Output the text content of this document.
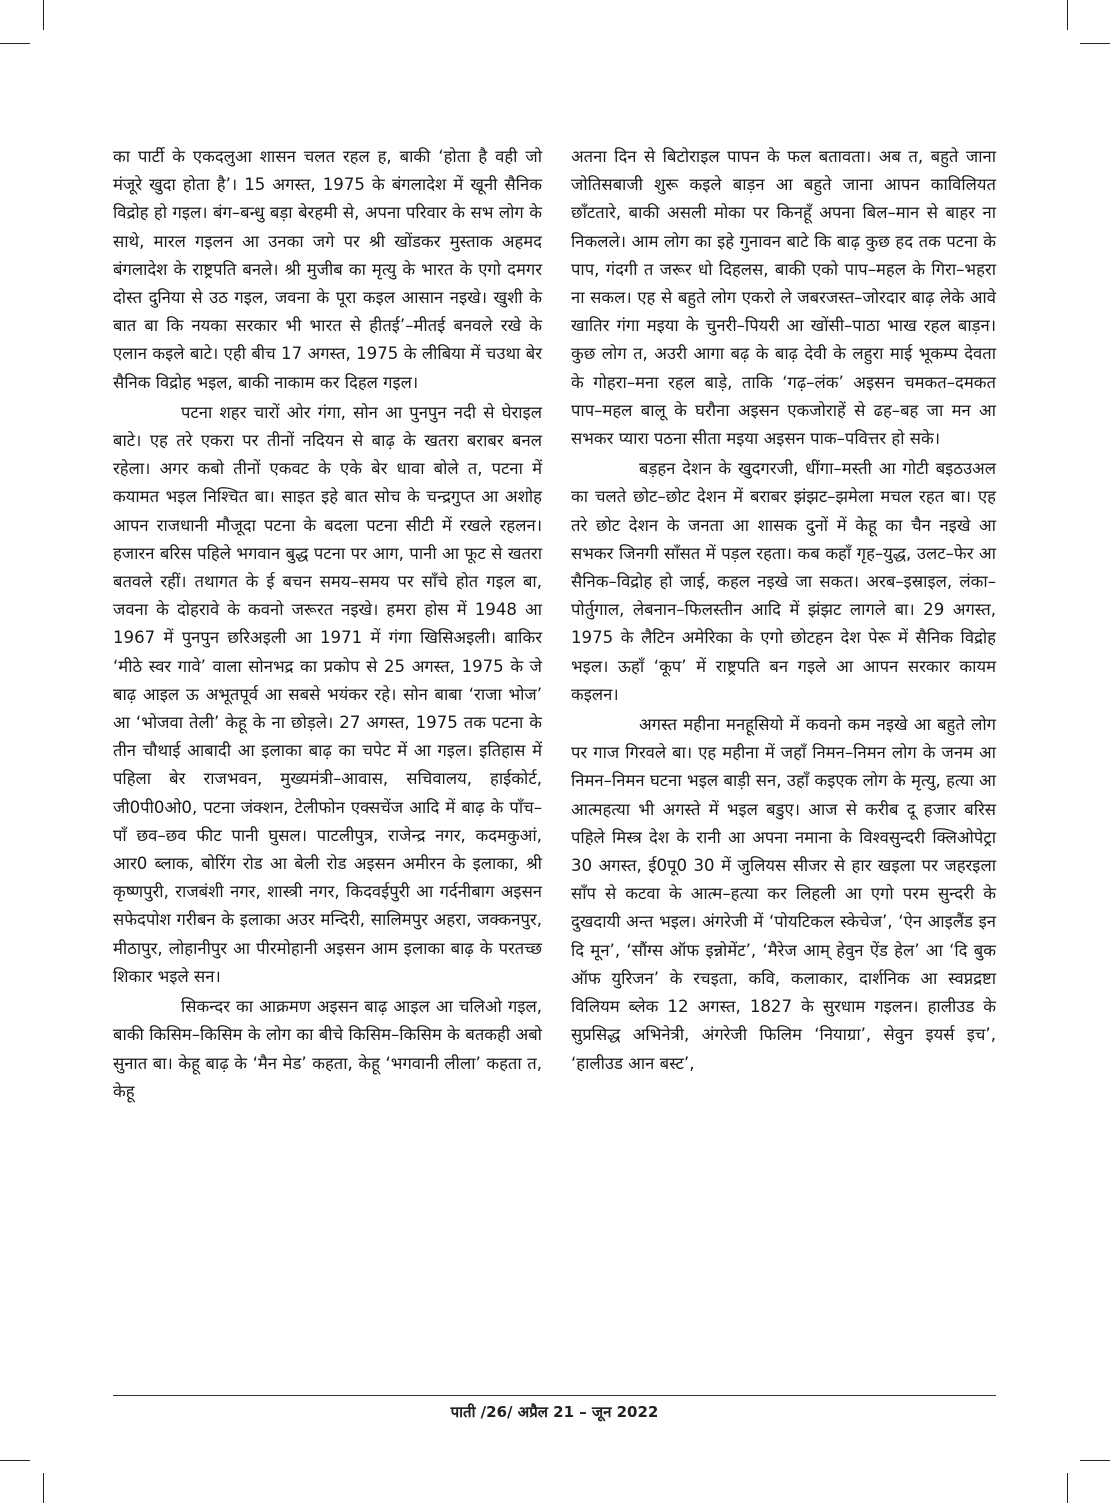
का पार्टी के एकदलुआ शासन चलत रहल ह, बाकी ‘होता है वही जो मंजूरे खुदा होता है’। 15 अगस्त, 1975 के बंगलादेश में खूनी सैनिक विद्रोह हो गइल। बंग–बन्धु बड़ा बेरहमी से, अपना परिवार के सभ लोग के साथे, मारल गइलन आ उनका जगे पर श्री खोंडकर मुस्ताक अहमद बंगलादेश के राष्ट्रपति बनले। श्री मुजीब का मृत्यु के भारत के एगो दमगर दोस्त दुनिया से उठ गइल, जवना के पूरा कइल आसान नइखे। खुशी के बात बा कि नयका सरकार भी भारत से हीतई’–मीतई बनवले रखे के एलान कइले बाटे। एही बीच 17 अगस्त, 1975 के लीबिया में चउथा बेर सैनिक विद्रोह भइल, बाकी नाकाम कर दिहल गइल।

पटना शहर चारों ओर गंगा, सोन आ पुनपुन नदी से घेराइल बाटे। एह तरे एकरा पर तीनों नदियन से बाढ़ के खतरा बराबर बनल रहेला। अगर कबो तीनों एकवट के एके बेर धावा बोले त, पटना में कयामत भइल निश्चित बा। साइत इहे बात सोच के चन्द्रगुप्त आ अशोह आपन राजधानी मौजूदा पटना के बदला पटना सीटी में रखले रहलन। हजारन बरिस पहिले भगवान बुद्ध पटना पर आग, पानी आ फूट से खतरा बतवले रहीं। तथागत के ई बचन समय–समय पर साँचे होत गइल बा, जवना के दोहरावे के कवनो जरूरत नइखे। हमरा होस में 1948 आ 1967 में पुनपुन छरिअइली आ 1971 में गंगा खिसिअइली। बाकिर ‘मीठे स्वर गावे’ वाला सोनभद्र का प्रकोप से 25 अगस्त, 1975 के जे बाढ़ आइल ऊ अभूतपूर्व आ सबसे भयंकर रहे। सोन बाबा ‘राजा भोज’ आ ‘भोजवा तेली’ केहू के ना छोड़ले। 27 अगस्त, 1975 तक पटना के तीन चौथाई आबादी आ इलाका बाढ़ का चपेट में आ गइल। इतिहास में पहिला बेर राजभवन, मुख्यमंत्री–आवास, सचिवालय, हाईकोर्ट, जी0पी0ओ0, पटना जंक्शन, टेलीफोन एक्सचेंज आदि में बाढ़ के पाँच–पाँ छव–छव फीट पानी घुसल। पाटलीपुत्र, राजेन्द्र नगर, कदमकुआं, आर0 ब्लाक, बोरिंग रोड आ बेली रोड अइसन अमीरन के इलाका, श्री कृष्णपुरी, राजबंशी नगर, शास्त्री नगर, किदवईपुरी आ गर्दनीबाग अइसन सफेदपोश गरीबन के इलाका अउर मन्दिरी, सालिमपुर अहरा, जक्कनपुर, मीठापुर, लोहानीपुर आ पीरमोहानी अइसन आम इलाका बाढ़ के परतच्छ शिकार भइले सन।

सिकन्दर का आक्रमण अइसन बाढ़ आइल आ चलिओ गइल, बाकी किसिम–किसिम के लोग का बीचे किसिम–किसिम के बतकही अबो सुनात बा। केहू बाढ़ के ‘मैन मेड’ कहता, केहू ‘भगवानी लीला’ कहता त, केहू

अतना दिन से बिटोराइल पापन के फल बतावता। अब त, बहुते जाना जोतिसबाजी शुरू कइले बाड़न आ बहुते जाना आपन काविलियत छाँटतारे, बाकी असली मोका पर किनहूँ अपना बिल–मान से बाहर ना निकलले। आम लोग का इहे गुनावन बाटे कि बाढ़ कुछ हद तक पटना के पाप, गंदगी त जरूर धो दिहलस, बाकी एको पाप–महल के गिरा–भहरा ना सकल। एह से बहुते लोग एकरो ले जबरजस्त–जोरदार बाढ़ लेके आवे खातिर गंगा मइया के चुनरी–पियरी आ खोंसी–पाठा भाख रहल बाड़न। कुछ लोग त, अउरी आगा बढ़ के बाढ़ देवी के लहुरा माई भूकम्प देवता के गोहरा–मना रहल बाड़े, ताकि ‘गढ़–लंक’ अइसन चमकत–दमकत पाप–महल बालू के घरौना अइसन एकजोराहें से ढह–बह जा मन आ सभकर प्यारा पठना सीता मइया अइसन पाक–पवित्तर हो सके।

बड़हन देशन के खुदगरजी, धींगा–मस्ती आ गोटी बइठउअल का चलते छोट–छोट देशन में बराबर झंझट–झमेला मचल रहत बा। एह तरे छोट देशन के जनता आ शासक दुनों में केहू का चैन नइखे आ सभकर जिनगी साँसत में पड़ल रहता। कब कहाँ गृह–युद्ध, उलट–फेर आ सैनिक–विद्रोह हो जाई, कहल नइखे जा सकत। अरब–इस्राइल, लंका–पोर्तुगाल, लेबनान–फिलस्तीन आदि में झंझट लागले बा। 29 अगस्त, 1975 के लैटिन अमेरिका के एगो छोटहन देश पेरू में सैनिक विद्रोह भइल। ऊहाँ ‘कूप’ में राष्ट्रपति बन गइले आ आपन सरकार कायम कइलन।

अगस्त महीना मनहूसियो में कवनो कम नइखे आ बहुते लोग पर गाज गिरवले बा। एह महीना में जहाँ निमन–निमन लोग के जनम आ निमन–निमन घटना भइल बाड़ी सन, उहाँ कइएक लोग के मृत्यु, हत्या आ आत्महत्या भी अगस्ते में भइल बडुए। आज से करीब दू हजार बरिस पहिले मिस्त्र देश के रानी आ अपना नमाना के विश्वसुन्दरी क्लिओपेट्रा 30 अगस्त, ई0पू0 30 में जुलियस सीजर से हार खइला पर जहरइला साँप से कटवा के आत्म–हत्या कर लिहली आ एगो परम सुन्दरी के दुखदायी अन्त भइल। अंगरेजी में ‘पोयटिकल स्केचेज’, ‘ऐन आइलैंड इन दि मून’, ‘सौंग्स ऑफ इन्नोमेंट’, ‘मैरेज आम् हेवुन ऐंड हेल’ आ ‘दि बुक ऑफ युरिजन’ के रचइता, कवि, कलाकार, दार्शनिक आ स्वप्नद्रष्टा विलियम ब्लेक 12 अगस्त, 1827 के सुरधाम गइलन। हालीउड के सुप्रसिद्ध अभिनेत्री, अंगरेजी फिलिम ‘नियाग्रा’, सेवुन इयर्स इच’, ‘हालीउड आन बस्ट’,

पाती /26/ अप्रैल 21 – जून 2022
